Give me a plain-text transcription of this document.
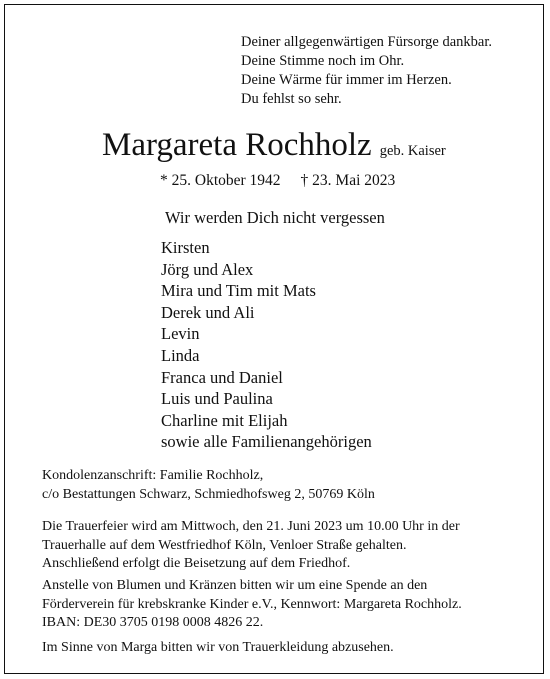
Deiner allgegenwärtigen Fürsorge dankbar.
Deine Stimme noch im Ohr.
Deine Wärme für immer im Herzen.
Du fehlst so sehr.
Margareta Rochholz geb. Kaiser
* 25. Oktober 1942 † 23. Mai 2023
Wir werden Dich nicht vergessen
Kirsten
Jörg und Alex
Mira und Tim mit Mats
Derek und Ali
Levin
Linda
Franca und Daniel
Luis und Paulina
Charline mit Elijah
sowie alle Familienangehörigen
Kondolenzanschrift: Familie Rochholz,
c/o Bestattungen Schwarz, Schmiedhofsweg 2, 50769 Köln
Die Trauerfeier wird am Mittwoch, den 21. Juni 2023 um 10.00 Uhr in der
Trauerhalle auf dem Westfriedhof Köln, Venloer Straße gehalten.
Anschließend erfolgt die Beisetzung auf dem Friedhof.
Anstelle von Blumen und Kränzen bitten wir um eine Spende an den
Förderverein für krebskranke Kinder e.V., Kennwort: Margareta Rochholz.
IBAN: DE30 3705 0198 0008 4826 22.
Im Sinne von Marga bitten wir von Trauerkleidung abzusehen.
